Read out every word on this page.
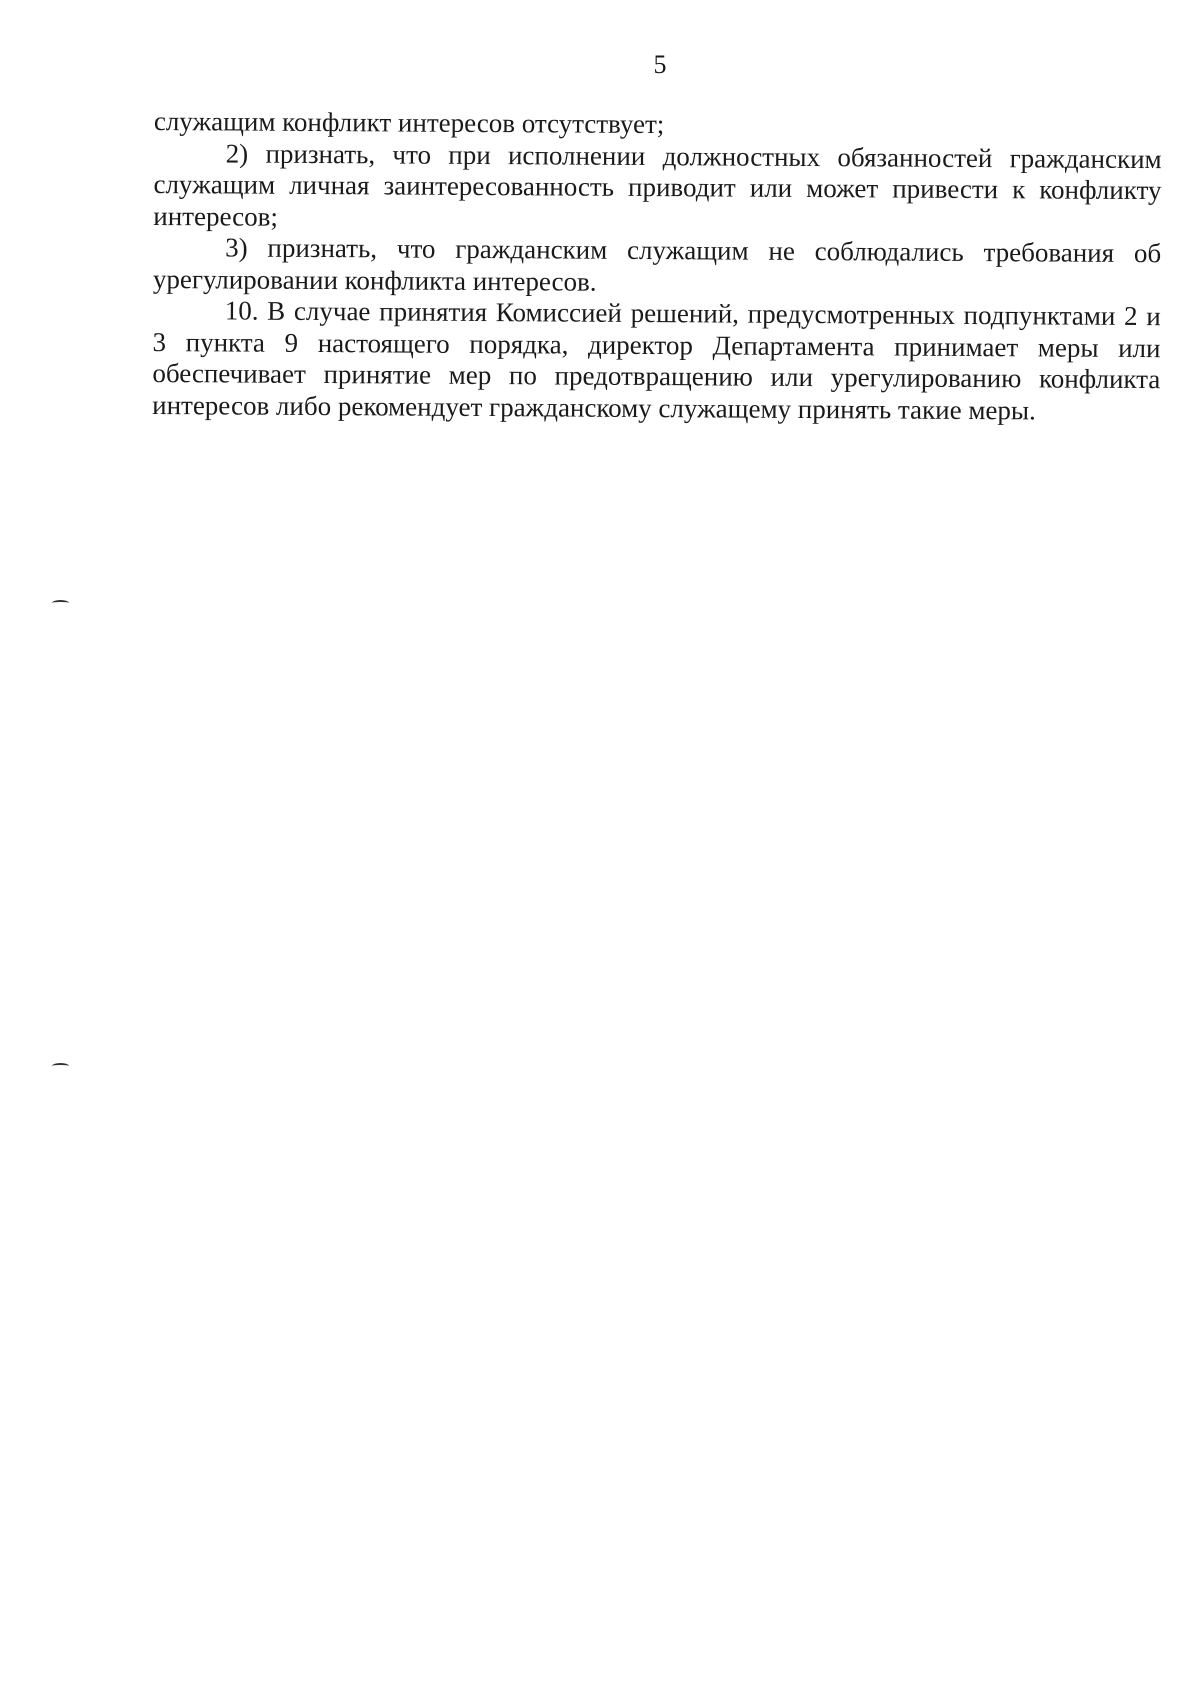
5

служащим конфликт интересов отсутствует;

2) признать, что при исполнении должностных обязанностей гражданским служащим личная заинтересованность приводит или может привести к конфликту интересов;

3) признать, что гражданским служащим не соблюдались требования об урегулировании конфликта интересов.

10. В случае принятия Комиссией решений, предусмотренных подпунктами 2 и 3 пункта 9 настоящего порядка, директор Департамента принимает меры или обеспечивает принятие мер по предотвращению или урегулированию конфликта интересов либо рекомендует гражданскому служащему принять такие меры.
